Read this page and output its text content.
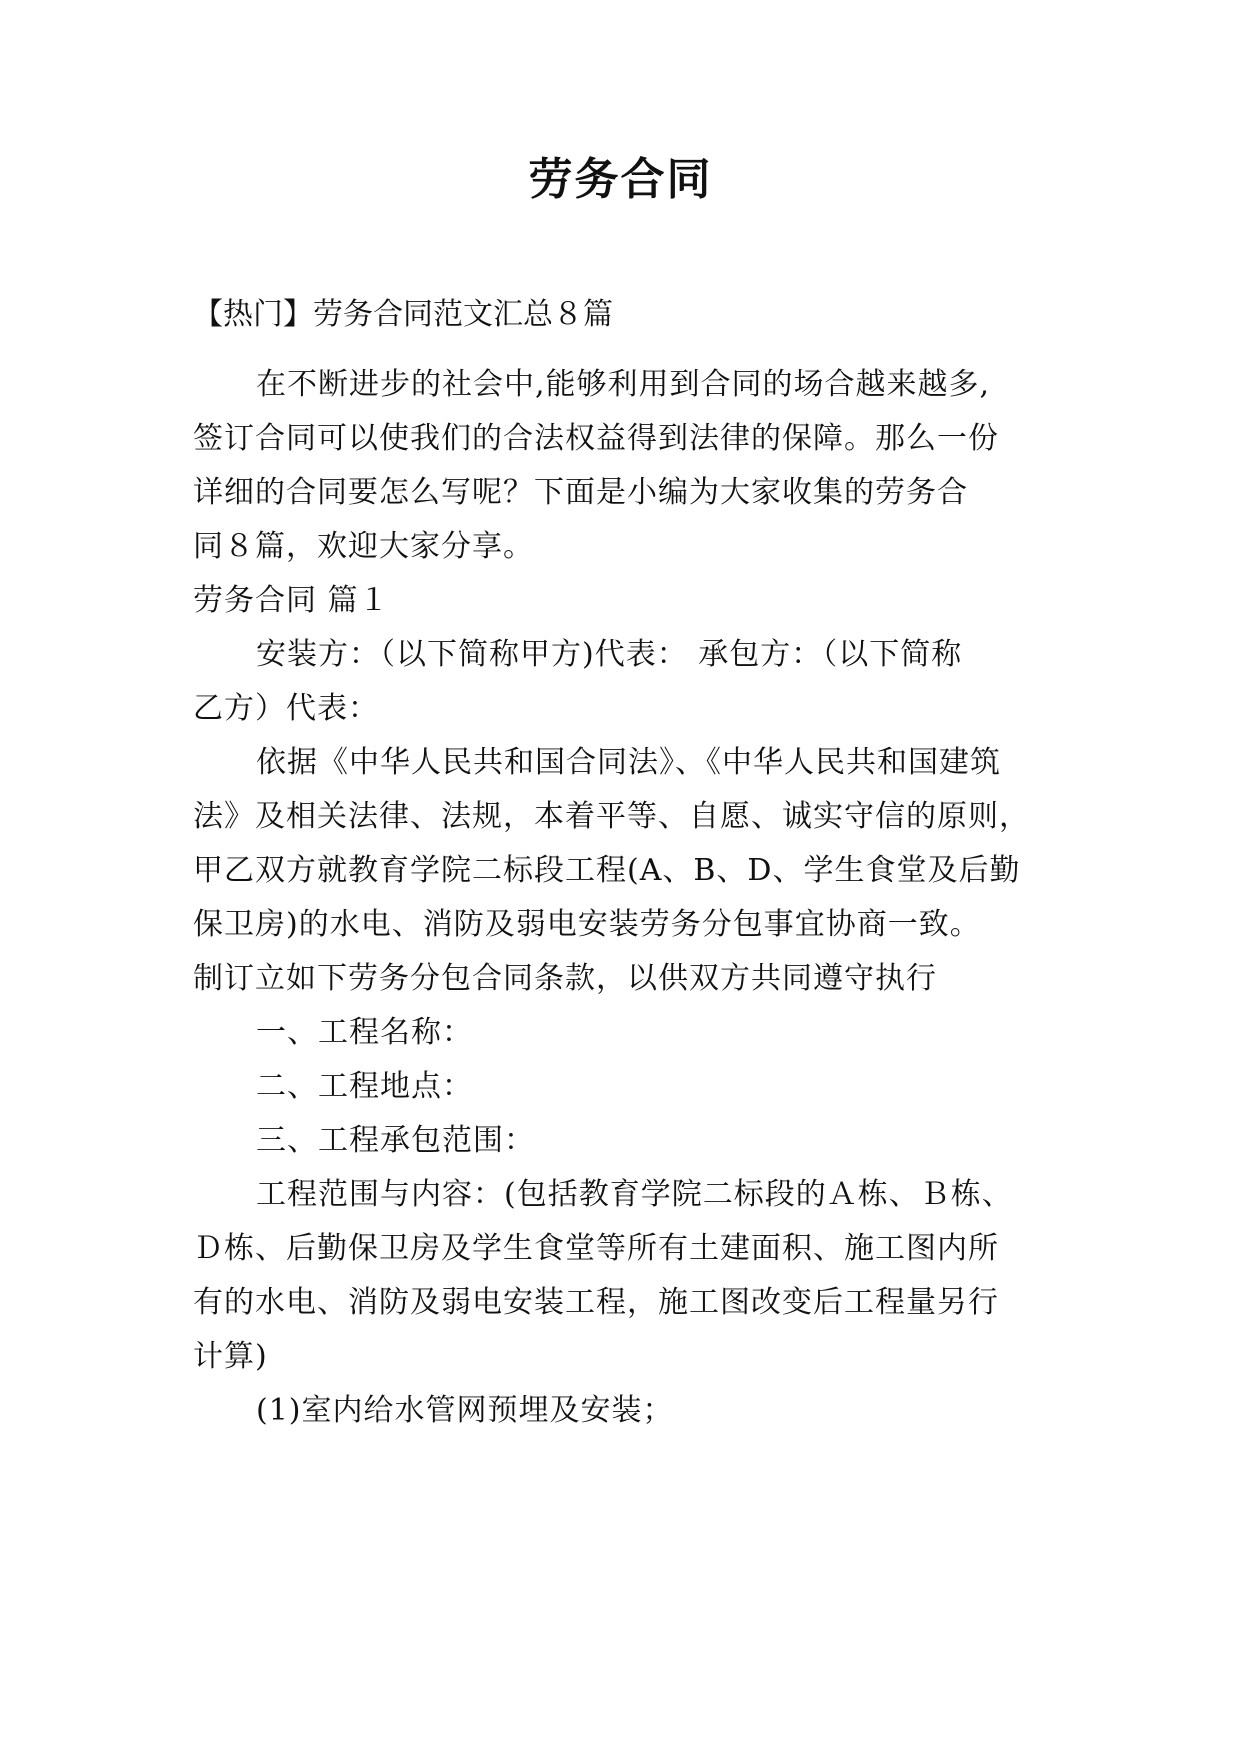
劳务合同
【热门】劳务合同范文汇总８篇
在不断进步的社会中,能够利用到合同的场合越来越多,
签订合同可以使我们的合法权益得到法律的保障。那么一份
详细的合同要怎么写呢？下面是小编为大家收集的劳务合
同８篇，欢迎大家分享。
劳务合同 篇１
安装方：（以下简称甲方)代表： 承包方：（以下简称
乙方）代表：
依据《中华人民共和国合同法》、《中华人民共和国建筑
法》及相关法律、法规，本着平等、自愿、诚实守信的原则，
甲乙双方就教育学院二标段工程(A、B、D、学生食堂及后勤
保卫房)的水电、消防及弱电安装劳务分包事宜协商一致。
制订立如下劳务分包合同条款，以供双方共同遵守执行
一、工程名称：
二、工程地点：
三、工程承包范围：
工程范围与内容：(包括教育学院二标段的Ａ栋、Ｂ栋、
Ｄ栋、后勤保卫房及学生食堂等所有土建面积、施工图内所
有的水电、消防及弱电安装工程，施工图改变后工程量另行
计算)
(1)室内给水管网预埋及安装；
